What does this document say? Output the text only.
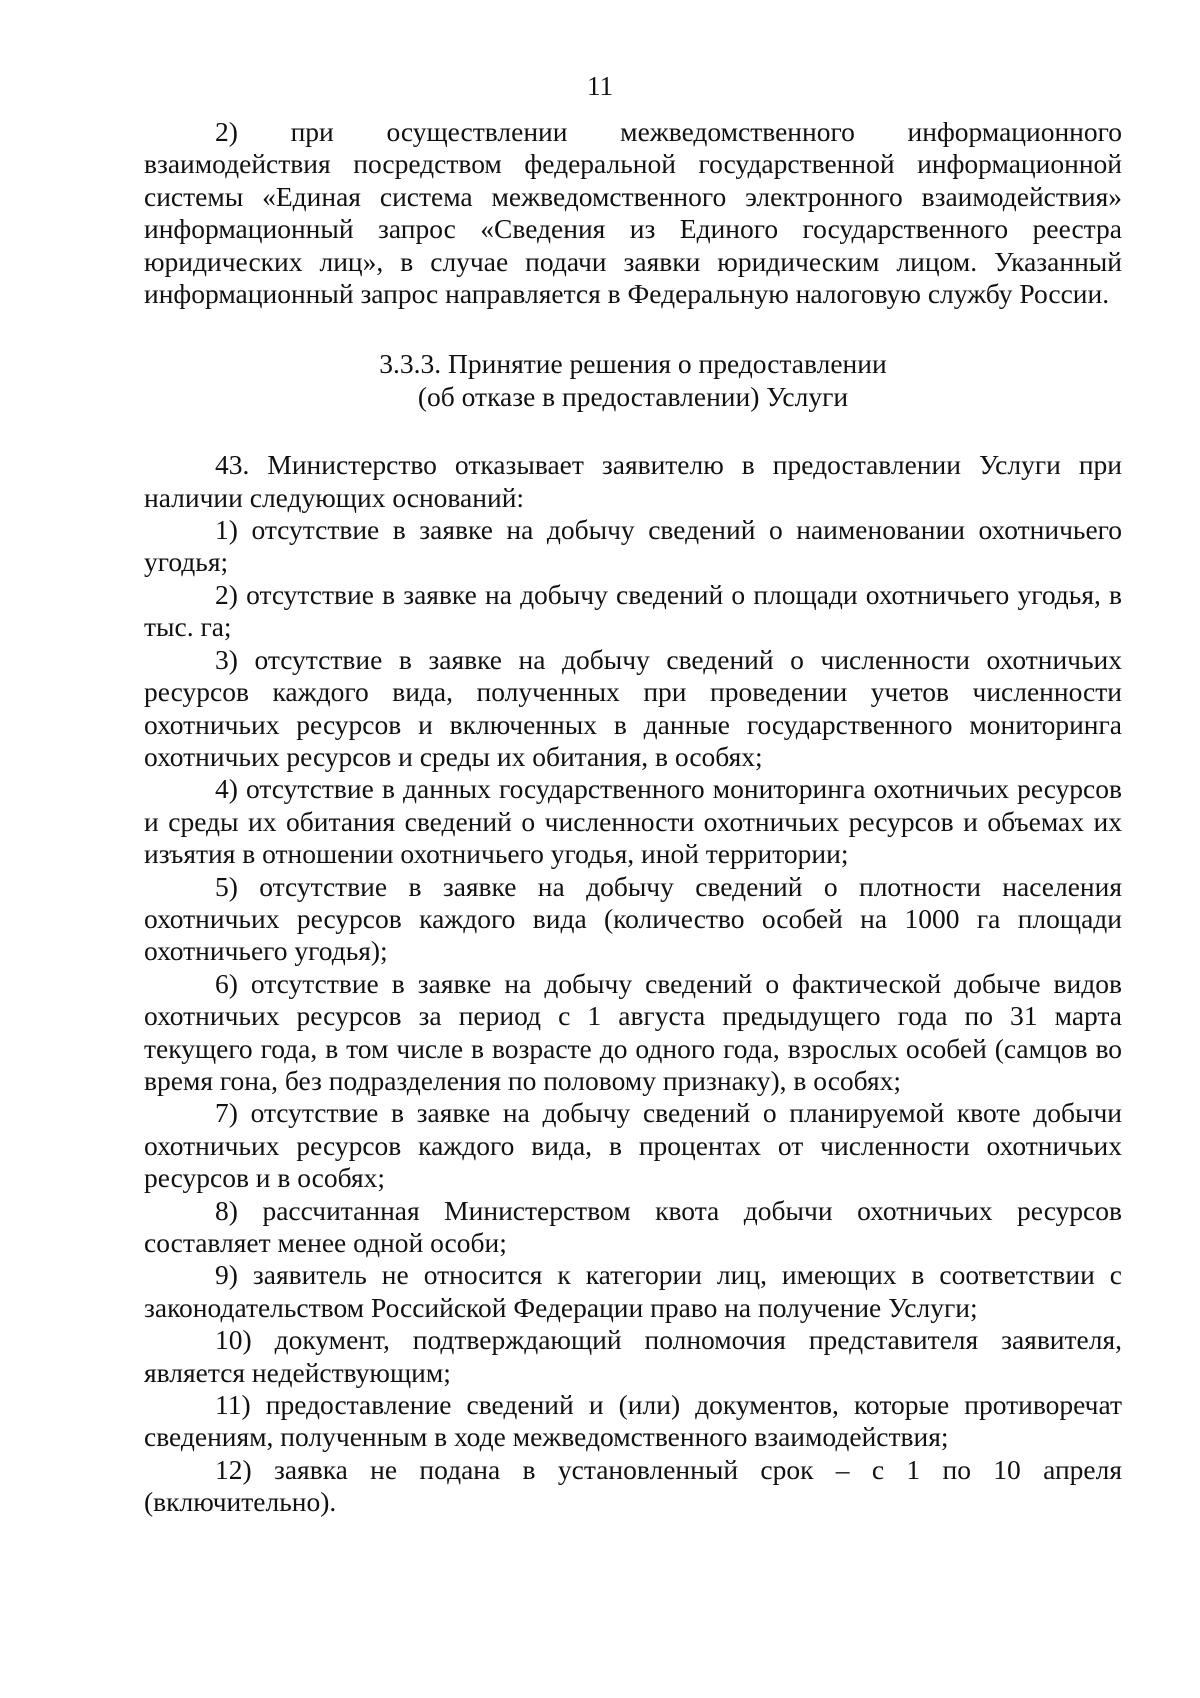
11

2) при осуществлении межведомственного информационного взаимодействия посредством федеральной государственной информационной системы «Единая система межведомственного электронного взаимодействия» информационный запрос «Сведения из Единого государственного реестра юридических лиц», в случае подачи заявки юридическим лицом. Указанный информационный запрос направляется в Федеральную налоговую службу России.

3.3.3. Принятие решения о предоставлении
(об отказе в предоставлении) Услуги

43. Министерство отказывает заявителю в предоставлении Услуги при наличии следующих оснований:

1) отсутствие в заявке на добычу сведений о наименовании охотничьего угодья;

2) отсутствие в заявке на добычу сведений о площади охотничьего угодья, в тыс. га;

3) отсутствие в заявке на добычу сведений о численности охотничьих ресурсов каждого вида, полученных при проведении учетов численности охотничьих ресурсов и включенных в данные государственного мониторинга охотничьих ресурсов и среды их обитания, в особях;

4) отсутствие в данных государственного мониторинга охотничьих ресурсов и среды их обитания сведений о численности охотничьих ресурсов и объемах их изъятия в отношении охотничьего угодья, иной территории;

5) отсутствие в заявке на добычу сведений о плотности населения охотничьих ресурсов каждого вида (количество особей на 1000 га площади охотничьего угодья);

6) отсутствие в заявке на добычу сведений о фактической добыче видов охотничьих ресурсов за период с 1 августа предыдущего года по 31 марта текущего года, в том числе в возрасте до одного года, взрослых особей (самцов во время гона, без подразделения по половому признаку), в особях;

7) отсутствие в заявке на добычу сведений о планируемой квоте добычи охотничьих ресурсов каждого вида, в процентах от численности охотничьих ресурсов и в особях;

8) рассчитанная Министерством квота добычи охотничьих ресурсов составляет менее одной особи;

9) заявитель не относится к категории лиц, имеющих в соответствии с законодательством Российской Федерации право на получение Услуги;

10) документ, подтверждающий полномочия представителя заявителя, является недействующим;

11) предоставление сведений и (или) документов, которые противоречат сведениям, полученным в ходе межведомственного взаимодействия;

12) заявка не подана в установленный срок – с 1 по 10 апреля (включительно).
